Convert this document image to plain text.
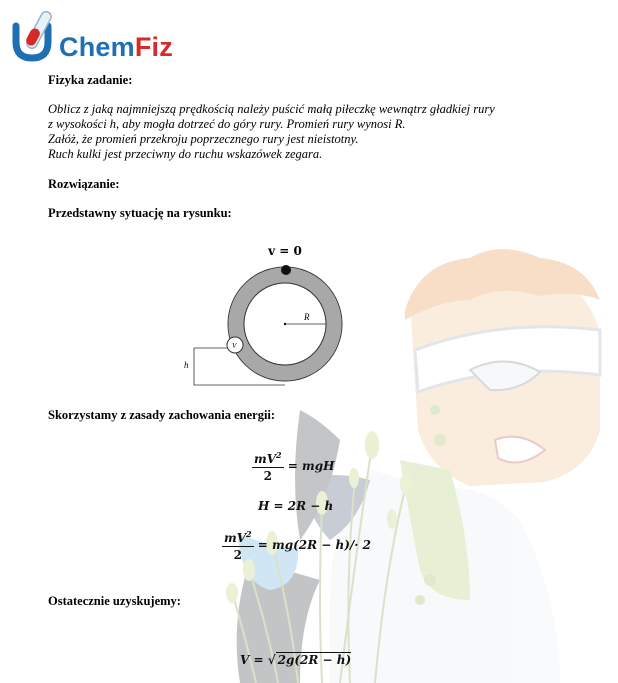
ChemFiz
Fizyka zadanie:
Oblicz z jaką najmniejszą prędkością należy puścić małą piłeczkę wewnątrz gładkiej rury
z wysokości h, aby mogła dotrzeć do góry rury. Promień rury wynosi R.
Załóż, że promień przekroju poprzecznego rury jest nieistotny.
Ruch kulki jest przeciwny do ruchu wskazówek zegara.
Rozwiązanie:
Przedstawny sytuację na rysunku:
v = 0
R
V
h
Skorzystamy z zasady zachowania energii:
$\frac{mV^2}{2}$ = mgH
H = 2R − h
$\frac{mV^2}{2} = mg(2R - h)/\cdot 2$
Ostatecznie uzyskujemy:
V = √ 2g(2R − h)
